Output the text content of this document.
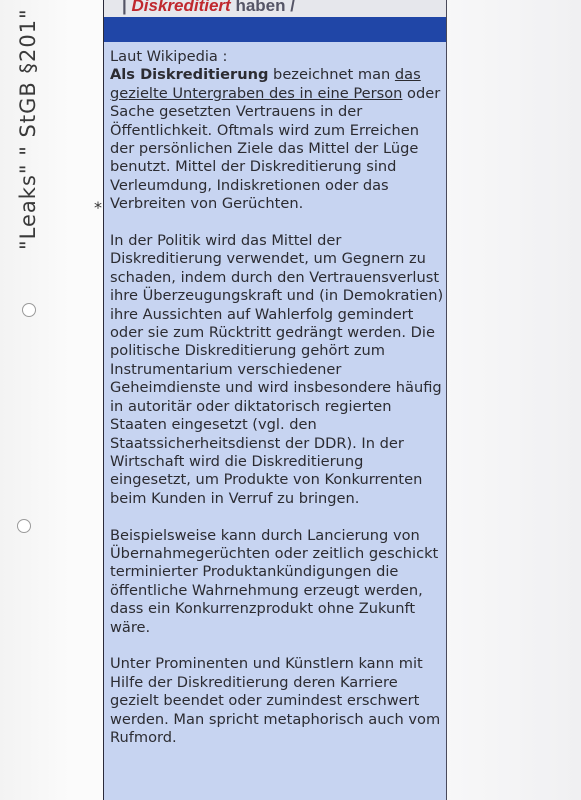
"Leaks" " StGB §201"	*
| Diskreditiert haben /

Laut Wikipedia :
Als Diskreditierung bezeichnet man das gezielte Untergraben des in eine Person oder Sache gesetzten Vertrauens in der Öffentlichkeit. Oftmals wird zum Erreichen der persönlichen Ziele das Mittel der Lüge benutzt. Mittel der Diskreditierung sind Verleumdung, Indiskretionen oder das Verbreiten von Gerüchten.

In der Politik wird das Mittel der Diskreditierung verwendet, um Gegnern zu schaden, indem durch den Vertrauensverlust ihre Überzeugungskraft und (in Demokratien) ihre Aussichten auf Wahlerfolg gemindert oder sie zum Rücktritt gedrängt werden. Die politische Diskreditierung gehört zum Instrumentarium verschiedener Geheimdienste und wird insbesondere häufig in autoritär oder diktatorisch regierten Staaten eingesetzt (vgl. den Staatssicherheitsdienst der DDR). In der Wirtschaft wird die Diskreditierung eingesetzt, um Produkte von Konkurrenten beim Kunden in Verruf zu bringen.

Beispielsweise kann durch Lancierung von Übernahmegerüchten oder zeitlich geschickt terminierter Produktankündigungen die öffentliche Wahrnehmung erzeugt werden, dass ein Konkurrenzprodukt ohne Zukunft wäre.

Unter Prominenten und Künstlern kann mit Hilfe der Diskreditierung deren Karriere gezielt beendet oder zumindest erschwert werden. Man spricht metaphorisch auch vom Rufmord.
